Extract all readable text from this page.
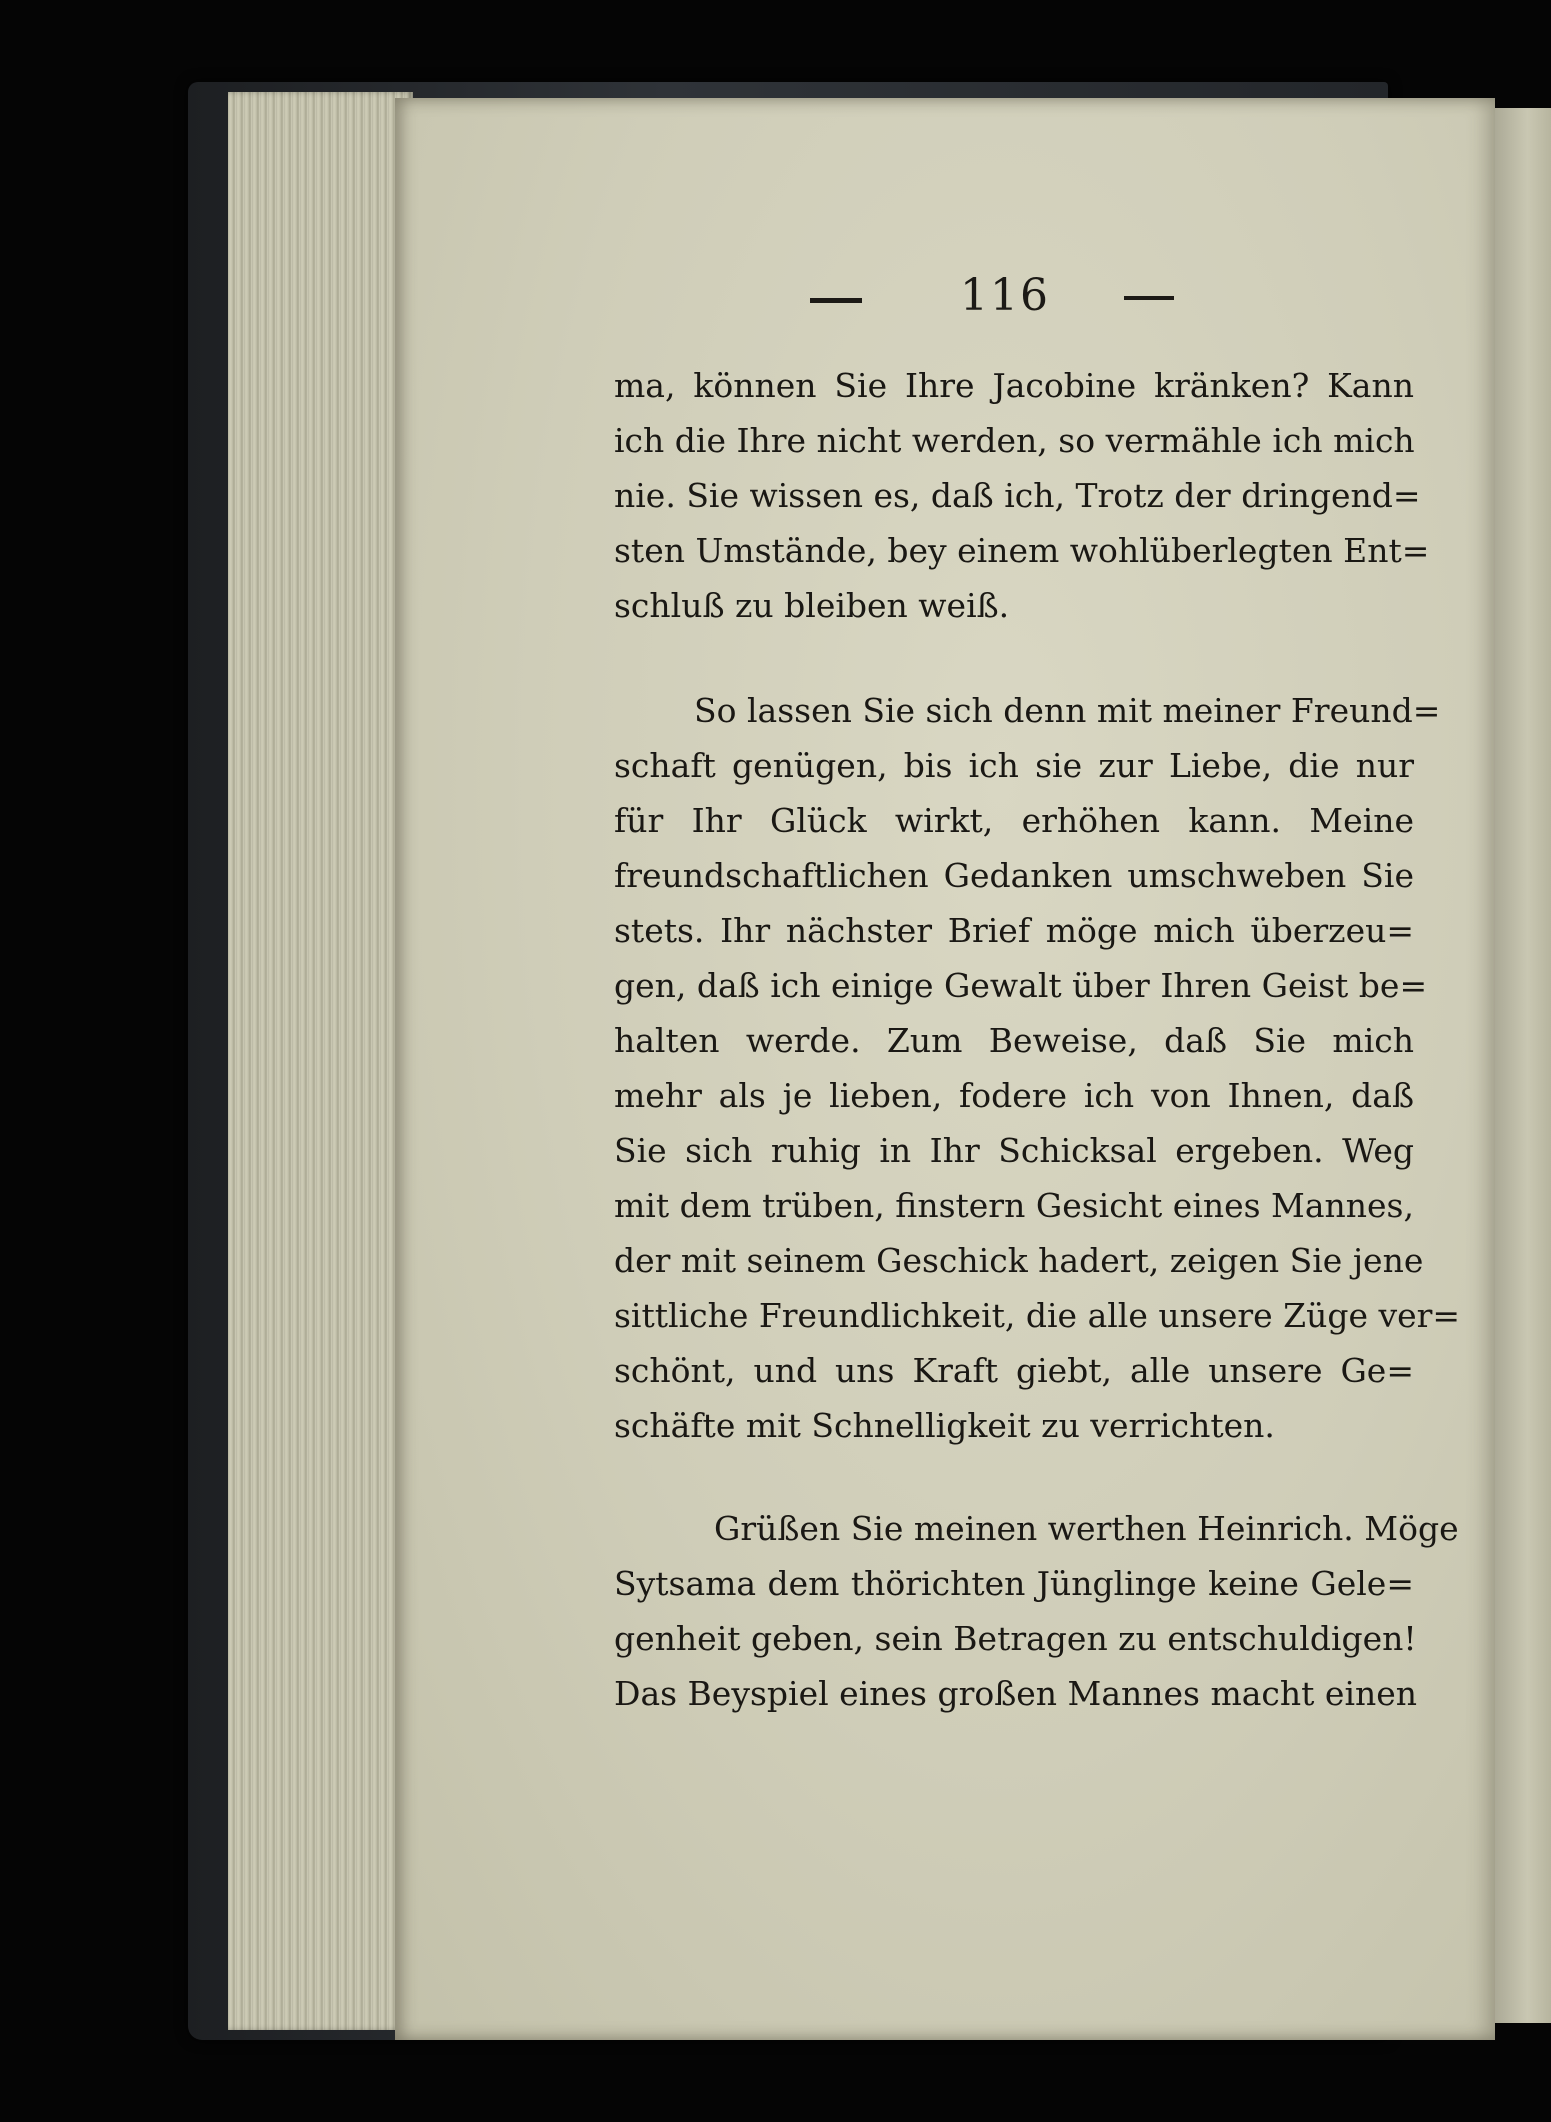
116
ma, können Sie Ihre Jacobine kränken? Kann
ich die Ihre nicht werden, so vermähle ich mich
nie. Sie wissen es, daß ich, Trotz der dringend=
sten Umstände, bey einem wohlüberlegten Ent=
schluß zu bleiben weiß.
So lassen Sie sich denn mit meiner Freund=
schaft genügen, bis ich sie zur Liebe, die nur
für Ihr Glück wirkt, erhöhen kann. Meine
freundschaftlichen Gedanken umschweben Sie
stets. Ihr nächster Brief möge mich überzeu=
gen, daß ich einige Gewalt über Ihren Geist be=
halten werde. Zum Beweise, daß Sie mich
mehr als je lieben, fodere ich von Ihnen, daß
Sie sich ruhig in Ihr Schicksal ergeben. Weg
mit dem trüben, finstern Gesicht eines Mannes,
der mit seinem Geschick hadert, zeigen Sie jene
sittliche Freundlichkeit, die alle unsere Züge ver=
schönt, und uns Kraft giebt, alle unsere Ge=
schäfte mit Schnelligkeit zu verrichten.
Grüßen Sie meinen werthen Heinrich. Möge
Sytsama dem thörichten Jünglinge keine Gele=
genheit geben, sein Betragen zu entschuldigen!
Das Beyspiel eines großen Mannes macht einen
